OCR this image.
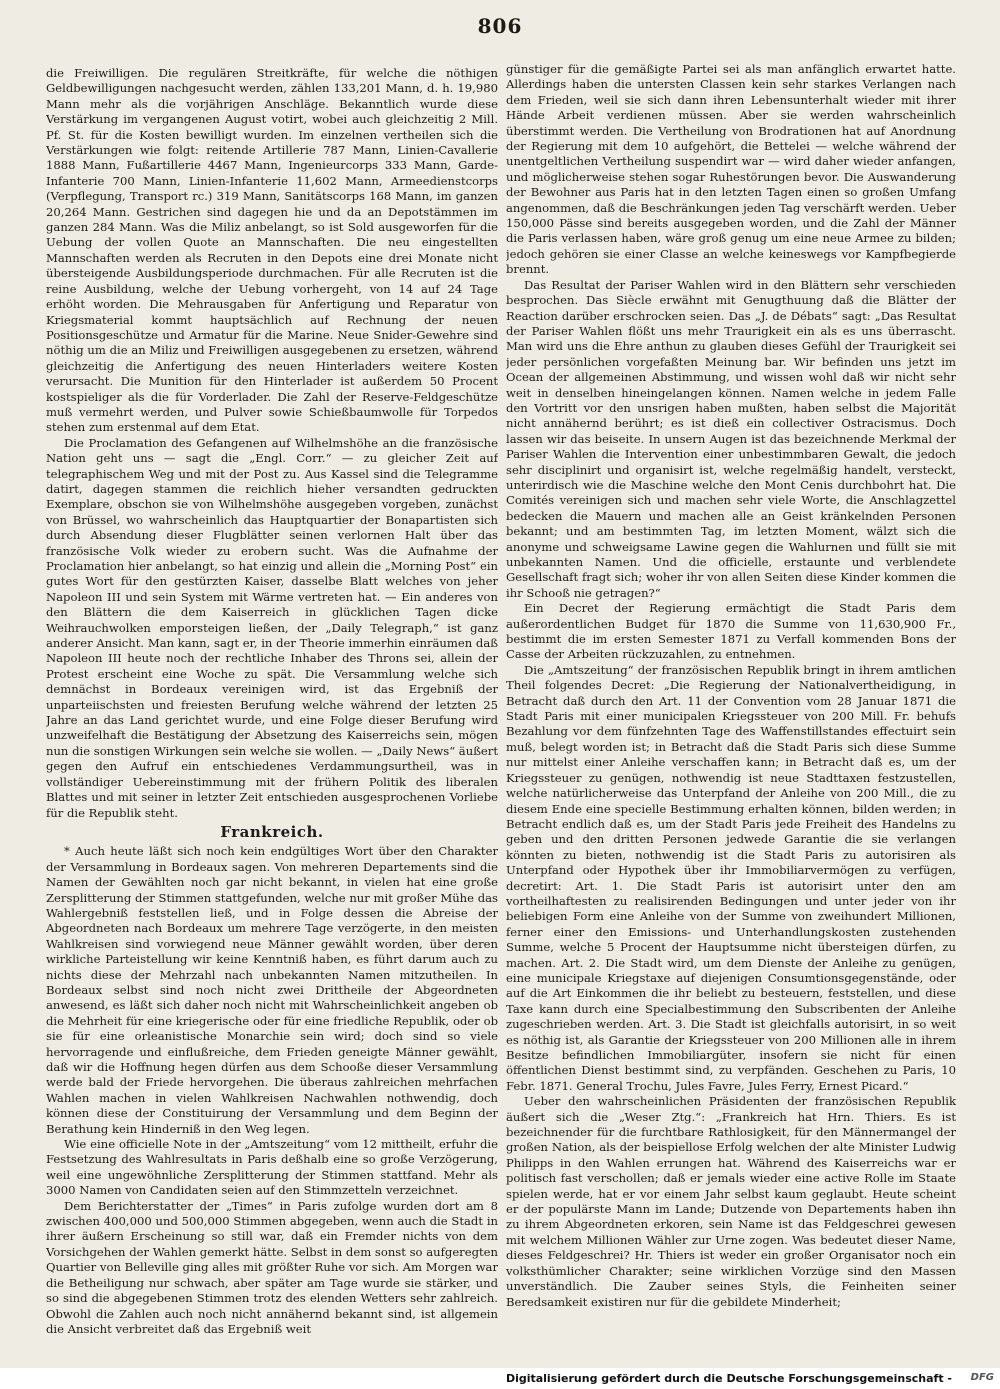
806

die Freiwilligen. Die regulären Streitkräfte, für welche die nöthigen Geldbewilligungen nachgesucht werden, zählen 133,201 Mann, d. h. 19,980 Mann mehr als die vorjährigen Anschläge. Bekanntlich wurde diese Verstärkung im vergangenen August votirt, wobei auch gleichzeitig 2 Mill. Pf. St. für die Kosten bewilligt wurden. Im einzelnen vertheilen sich die Verstärkungen wie folgt: reitende Artillerie 787 Mann, Linien-Cavallerie 1888 Mann, Fußartillerie 4467 Mann, Ingenieurcorps 333 Mann, Garde-Infanterie 700 Mann, Linien-Infanterie 11,602 Mann, Armeedienstcorps (Verpflegung, Transport rc.) 319 Mann, Sanitätscorps 168 Mann, im ganzen 20,264 Mann. Gestrichen sind dagegen hie und da an Depotstämmen im ganzen 284 Mann. Was die Miliz anbelangt, so ist Sold ausgeworfen für die Uebung der vollen Quote an Mannschaften. Die neu eingestellten Mannschaften werden als Recruten in den Depots eine drei Monate nicht übersteigende Ausbildungsperiode durchmachen. Für alle Recruten ist die reine Ausbildung, welche der Uebung vorhergeht, von 14 auf 24 Tage erhöht worden. Die Mehrausgaben für Anfertigung und Reparatur von Kriegsmaterial kommt hauptsächlich auf Rechnung der neuen Positionsgeschütze und Armatur für die Marine. Neue Snider-Gewehre sind nöthig um die an Miliz und Freiwilligen ausgegebenen zu ersetzen, während gleichzeitig die Anfertigung des neuen Hinterladers weitere Kosten verursacht. Die Munition für den Hinterlader ist außerdem 50 Procent kostspieliger als die für Vorderlader. Die Zahl der Reserve-Feldgeschütze muß vermehrt werden, und Pulver sowie Schießbaumwolle für Torpedos stehen zum erstenmal auf dem Etat.

Die Proclamation des Gefangenen auf Wilhelmshöhe an die französische Nation geht uns — sagt die „Engl. Corr.“ — zu gleicher Zeit auf telegraphischem Weg und mit der Post zu. Aus Kassel sind die Telegramme datirt, dagegen stammen die reichlich hieher versandten gedruckten Exemplare, obschon sie von Wilhelmshöhe ausgegeben vorgeben, zunächst von Brüssel, wo wahrscheinlich das Hauptquartier der Bonapartisten sich durch Absendung dieser Flugblätter seinen verlornen Halt über das französische Volk wieder zu erobern sucht. Was die Aufnahme der Proclamation hier anbelangt, so hat einzig und allein die „Morning Post“ ein gutes Wort für den gestürzten Kaiser, dasselbe Blatt welches von jeher Napoleon III und sein System mit Wärme vertreten hat. — Ein anderes von den Blättern die dem Kaiserreich in glücklichen Tagen dicke Weihrauchwolken emporsteigen ließen, der „Daily Telegraph,“ ist ganz anderer Ansicht. Man kann, sagt er, in der Theorie immerhin einräumen daß Napoleon III heute noch der rechtliche Inhaber des Throns sei, allein der Protest erscheint eine Woche zu spät. Die Versammlung welche sich demnächst in Bordeaux vereinigen wird, ist das Ergebniß der unparteiischsten und freiesten Berufung welche während der letzten 25 Jahre an das Land gerichtet wurde, und eine Folge dieser Berufung wird unzweifelhaft die Bestätigung der Absetzung des Kaiserreichs sein, mögen nun die sonstigen Wirkungen sein welche sie wollen. — „Daily News“ äußert gegen den Aufruf ein entschiedenes Verdammungsurtheil, was in vollständiger Uebereinstimmung mit der frühern Politik des liberalen Blattes und mit seiner in letzter Zeit entschieden ausgesprochenen Vorliebe für die Republik steht.

Frankreich.

* Auch heute läßt sich noch kein endgültiges Wort über den Charakter der Versammlung in Bordeaux sagen. Von mehreren Departements sind die Namen der Gewählten noch gar nicht bekannt, in vielen hat eine große Zersplitterung der Stimmen stattgefunden, welche nur mit großer Mühe das Wahlergebniß feststellen ließ, und in Folge dessen die Abreise der Abgeordneten nach Bordeaux um mehrere Tage verzögerte, in den meisten Wahlkreisen sind vorwiegend neue Männer gewählt worden, über deren wirkliche Parteistellung wir keine Kenntniß haben, es führt darum auch zu nichts diese der Mehrzahl nach unbekannten Namen mitzutheilen. In Bordeaux selbst sind noch nicht zwei Drittheile der Abgeordneten anwesend, es läßt sich daher noch nicht mit Wahrscheinlichkeit angeben ob die Mehrheit für eine kriegerische oder für eine friedliche Republik, oder ob sie für eine orleanistische Monarchie sein wird; doch sind so viele hervorragende und einflußreiche, dem Frieden geneigte Männer gewählt, daß wir die Hoffnung hegen dürfen aus dem Schooße dieser Versammlung werde bald der Friede hervorgehen. Die überaus zahlreichen mehrfachen Wahlen machen in vielen Wahlkreisen Nachwahlen nothwendig, doch können diese der Constituirung der Versammlung und dem Beginn der Berathung kein Hinderniß in den Weg legen.

Wie eine officielle Note in der „Amtszeitung“ vom 12 mittheilt, erfuhr die Festsetzung des Wahlresultats in Paris deßhalb eine so große Verzögerung, weil eine ungewöhnliche Zersplitterung der Stimmen stattfand. Mehr als 3000 Namen von Candidaten seien auf den Stimmzetteln verzeichnet.

Dem Berichterstatter der „Times“ in Paris zufolge wurden dort am 8 zwischen 400,000 und 500,000 Stimmen abgegeben, wenn auch die Stadt in ihrer äußern Erscheinung so still war, daß ein Fremder nichts von dem Vorsichgehen der Wahlen gemerkt hätte. Selbst in dem sonst so aufgeregten Quartier von Belleville ging alles mit größter Ruhe vor sich. Am Morgen war die Betheiligung nur schwach, aber später am Tage wurde sie stärker, und so sind die abgegebenen Stimmen trotz des elenden Wetters sehr zahlreich. Obwohl die Zahlen auch noch nicht annähernd bekannt sind, ist allgemein die Ansicht verbreitet daß das Ergebniß weit

günstiger für die gemäßigte Partei sei als man anfänglich erwartet hatte. Allerdings haben die untersten Classen kein sehr starkes Verlangen nach dem Frieden, weil sie sich dann ihren Lebensunterhalt wieder mit ihrer Hände Arbeit verdienen müssen. Aber sie werden wahrscheinlich überstimmt werden. Die Vertheilung von Brodrationen hat auf Anordnung der Regierung mit dem 10 aufgehört, die Bettelei — welche während der unentgeltlichen Vertheilung suspendirt war — wird daher wieder anfangen, und möglicherweise stehen sogar Ruhestörungen bevor. Die Auswanderung der Bewohner aus Paris hat in den letzten Tagen einen so großen Umfang angenommen, daß die Beschränkungen jeden Tag verschärft werden. Ueber 150,000 Pässe sind bereits ausgegeben worden, und die Zahl der Männer die Paris verlassen haben, wäre groß genug um eine neue Armee zu bilden; jedoch gehören sie einer Classe an welche keineswegs vor Kampfbegierde brennt.

Das Resultat der Pariser Wahlen wird in den Blättern sehr verschieden besprochen. Das Siècle erwähnt mit Genugthuung daß die Blätter der Reaction darüber erschrocken seien. Das „J. de Débats“ sagt: „Das Resultat der Pariser Wahlen flößt uns mehr Traurigkeit ein als es uns überrascht. Man wird uns die Ehre anthun zu glauben dieses Gefühl der Traurigkeit sei jeder persönlichen vorgefaßten Meinung bar. Wir befinden uns jetzt im Ocean der allgemeinen Abstimmung, und wissen wohl daß wir nicht sehr weit in denselben hineingelangen können. Namen welche in jedem Falle den Vortritt vor den unsrigen haben mußten, haben selbst die Majorität nicht annähernd berührt; es ist dieß ein collectiver Ostracismus. Doch lassen wir das beiseite. In unsern Augen ist das bezeichnende Merkmal der Pariser Wahlen die Intervention einer unbestimmbaren Gewalt, die jedoch sehr disciplinirt und organisirt ist, welche regelmäßig handelt, versteckt, unterirdisch wie die Maschine welche den Mont Cenis durchbohrt hat. Die Comités vereinigen sich und machen sehr viele Worte, die Anschlagzettel bedecken die Mauern und machen alle an Geist kränkelnden Personen bekannt; und am bestimmten Tag, im letzten Moment, wälzt sich die anonyme und schweigsame Lawine gegen die Wahlurnen und füllt sie mit unbekannten Namen. Und die officielle, erstaunte und verblendete Gesellschaft fragt sich; woher ihr von allen Seiten diese Kinder kommen die ihr Schooß nie getragen?“

Ein Decret der Regierung ermächtigt die Stadt Paris dem außerordentlichen Budget für 1870 die Summe von 11,630,900 Fr., bestimmt die im ersten Semester 1871 zu Verfall kommenden Bons der Casse der Arbeiten rückzuzahlen, zu entnehmen.

Die „Amtszeitung“ der französischen Republik bringt in ihrem amtlichen Theil folgendes Decret: „Die Regierung der Nationalvertheidigung, in Betracht daß durch den Art. 11 der Convention vom 28 Januar 1871 die Stadt Paris mit einer municipalen Kriegssteuer von 200 Mill. Fr. behufs Bezahlung vor dem fünfzehnten Tage des Waffenstillstandes effectuirt sein muß, belegt worden ist; in Betracht daß die Stadt Paris sich diese Summe nur mittelst einer Anleihe verschaffen kann; in Betracht daß es, um der Kriegssteuer zu genügen, nothwendig ist neue Stadttaxen festzustellen, welche natürlicherweise das Unterpfand der Anleihe von 200 Mill., die zu diesem Ende eine specielle Bestimmung erhalten können, bilden werden; in Betracht endlich daß es, um der Stadt Paris jede Freiheit des Handelns zu geben und den dritten Personen jedwede Garantie die sie verlangen könnten zu bieten, nothwendig ist die Stadt Paris zu autorisiren als Unterpfand oder Hypothek über ihr Immobiliarvermögen zu verfügen, decretirt: Art. 1. Die Stadt Paris ist autorisirt unter den am vortheilhaftesten zu realisirenden Bedingungen und unter jeder von ihr beliebigen Form eine Anleihe von der Summe von zweihundert Millionen, ferner einer den Emissions- und Unterhandlungskosten zustehenden Summe, welche 5 Procent der Hauptsumme nicht übersteigen dürfen, zu machen. Art. 2. Die Stadt wird, um dem Dienste der Anleihe zu genügen, eine municipale Kriegstaxe auf diejenigen Consumtionsgegenstände, oder auf die Art Einkommen die ihr beliebt zu besteuern, feststellen, und diese Taxe kann durch eine Specialbestimmung den Subscribenten der Anleihe zugeschrieben werden. Art. 3. Die Stadt ist gleichfalls autorisirt, in so weit es nöthig ist, als Garantie der Kriegssteuer von 200 Millionen alle in ihrem Besitze befindlichen Immobiliargüter, insofern sie nicht für einen öffentlichen Dienst bestimmt sind, zu verpfänden. Geschehen zu Paris, 10 Febr. 1871. General Trochu, Jules Favre, Jules Ferry, Ernest Picard.“

Ueber den wahrscheinlichen Präsidenten der französischen Republik äußert sich die „Weser Ztg.“: „Frankreich hat Hrn. Thiers. Es ist bezeichnender für die furchtbare Rathlosigkeit, für den Männermangel der großen Nation, als der beispiellose Erfolg welchen der alte Minister Ludwig Philipps in den Wahlen errungen hat. Während des Kaiserreichs war er politisch fast verschollen; daß er jemals wieder eine active Rolle im Staate spielen werde, hat er vor einem Jahr selbst kaum geglaubt. Heute scheint er der populärste Mann im Lande; Dutzende von Departements haben ihn zu ihrem Abgeordneten erkoren, sein Name ist das Feldgeschrei gewesen mit welchem Millionen Wähler zur Urne zogen. Was bedeutet dieser Name, dieses Feldgeschrei? Hr. Thiers ist weder ein großer Organisator noch ein volksthümlicher Charakter; seine wirklichen Vorzüge sind den Massen unverständlich. Die Zauber seines Styls, die Feinheiten seiner Beredsamkeit existiren nur für die gebildete Minderheit;

Digitalisierung gefördert durch die Deutsche Forschungsgemeinschaft - DFG
